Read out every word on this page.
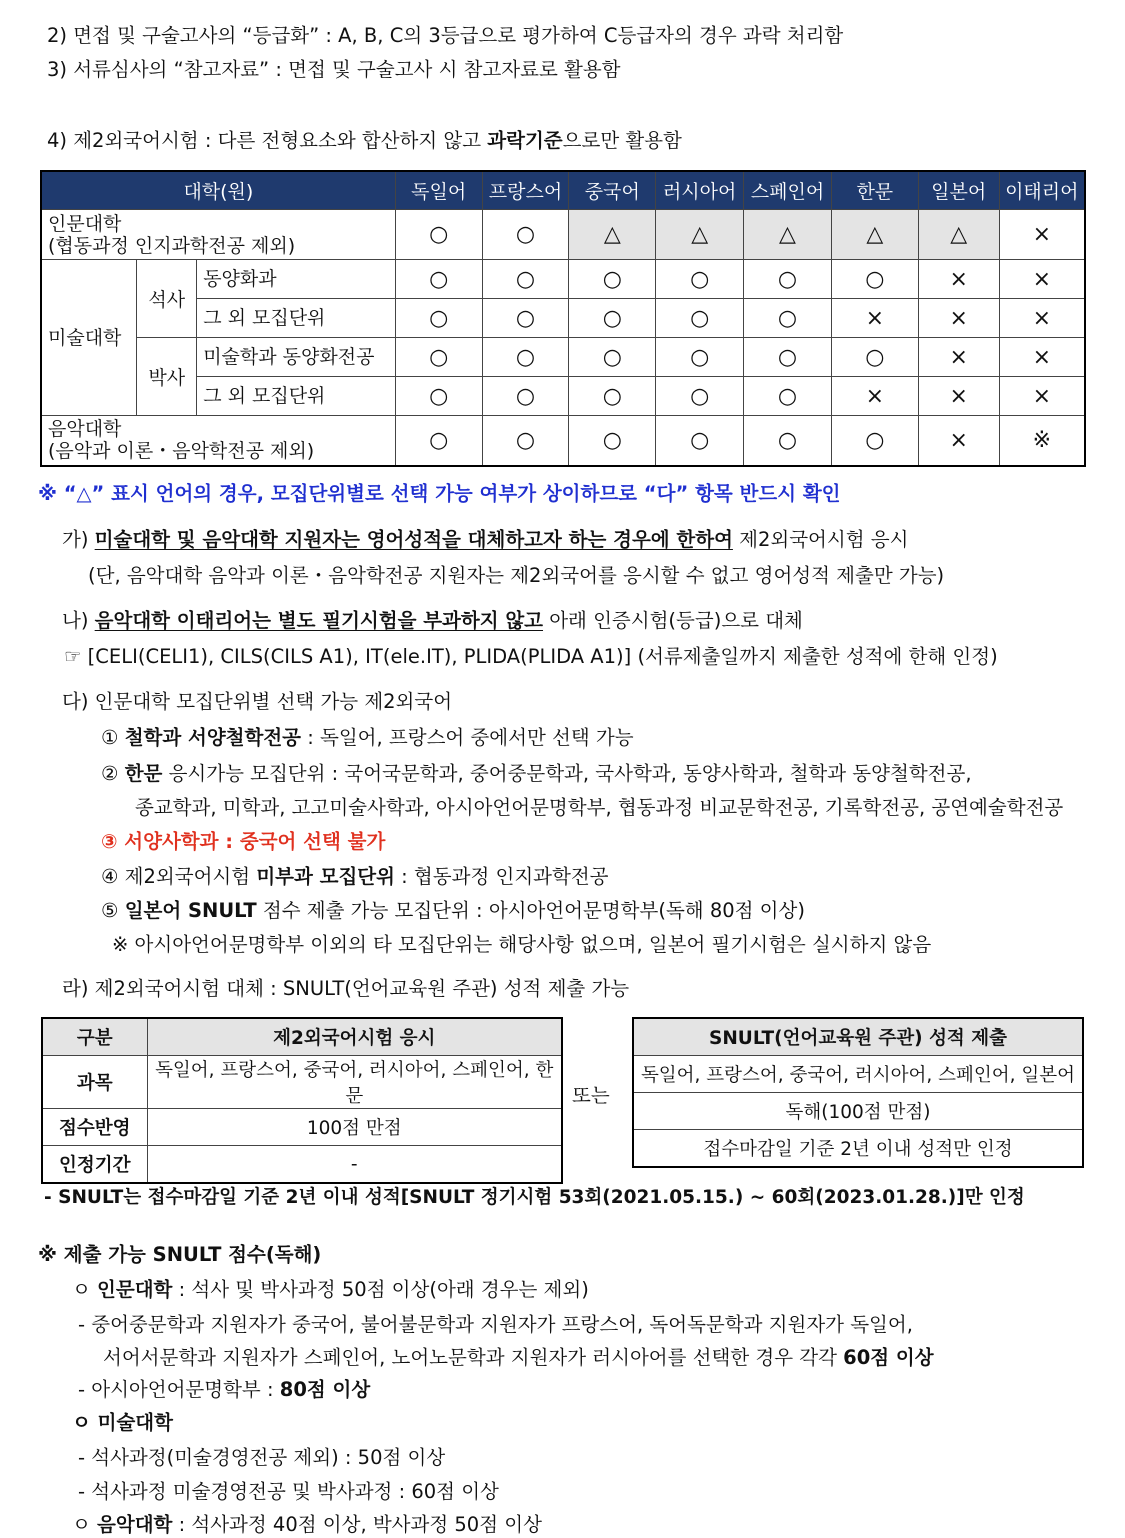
2) 면접 및 구술고사의 “등급화” : A, B, C의 3등급으로 평가하여 C등급자의 경우 과락 처리함
3) 서류심사의 “참고자료” : 면접 및 구술고사 시 참고자료로 활용함
4) 제2외국어시험 : 다른 전형요소와 합산하지 않고 과락기준으로만 활용함
대학(원)			독일어	프랑스어	중국어	러시아어	스페인어	한문	일본어	이태리어
인문대학
(협동과정 인지과학전공 제외)			○	○	△	△	△	△	△	×
미술대학	석사	동양화과	○	○	○	○	○	○	×	×
		그 외 모집단위	○	○	○	○	○	×	×	×
	박사	미술학과 동양화전공	○	○	○	○	○	○	×	×
		그 외 모집단위	○	○	○	○	○	×	×	×
음악대학
(음악과 이론・음악학전공 제외)			○	○	○	○	○	○	×	※
※ “△” 표시 언어의 경우, 모집단위별로 선택 가능 여부가 상이하므로 “다” 항목 반드시 확인
가) 미술대학 및 음악대학 지원자는 영어성적을 대체하고자 하는 경우에 한하여 제2외국어시험 응시
(단, 음악대학 음악과 이론・음악학전공 지원자는 제2외국어를 응시할 수 없고 영어성적 제출만 가능)
나) 음악대학 이태리어는 별도 필기시험을 부과하지 않고 아래 인증시험(등급)으로 대체
☞ [CELI(CELI1), CILS(CILS A1), IT(ele.IT), PLIDA(PLIDA A1)] (서류제출일까지 제출한 성적에 한해 인정)
다) 인문대학 모집단위별 선택 가능 제2외국어
① 철학과 서양철학전공 : 독일어, 프랑스어 중에서만 선택 가능
② 한문 응시가능 모집단위 : 국어국문학과, 중어중문학과, 국사학과, 동양사학과, 철학과 동양철학전공,
종교학과, 미학과, 고고미술사학과, 아시아언어문명학부, 협동과정 비교문학전공, 기록학전공, 공연예술학전공
③ 서양사학과 : 중국어 선택 불가
④ 제2외국어시험 미부과 모집단위 : 협동과정 인지과학전공
⑤ 일본어 SNULT 점수 제출 가능 모집단위 : 아시아언어문명학부(독해 80점 이상)
※ 아시아언어문명학부 이외의 타 모집단위는 해당사항 없으며, 일본어 필기시험은 실시하지 않음
라) 제2외국어시험 대체 : SNULT(언어교육원 주관) 성적 제출 가능
구분	제2외국어시험 응시
과목	독일어, 프랑스어, 중국어, 러시아어, 스페인어, 한문
점수반영	100점 만점
인정기간	-
또는
SNULT(언어교육원 주관) 성적 제출
독일어, 프랑스어, 중국어, 러시아어, 스페인어, 일본어
독해(100점 만점)
접수마감일 기준 2년 이내 성적만 인정
- SNULT는 접수마감일 기준 2년 이내 성적[SNULT 정기시험 53회(2021.05.15.) ~ 60회(2023.01.28.)]만 인정
※ 제출 가능 SNULT 점수(독해)
ㅇ 인문대학 : 석사 및 박사과정 50점 이상(아래 경우는 제외)
- 중어중문학과 지원자가 중국어, 불어불문학과 지원자가 프랑스어, 독어독문학과 지원자가 독일어,
서어서문학과 지원자가 스페인어, 노어노문학과 지원자가 러시아어를 선택한 경우 각각 60점 이상
- 아시아언어문명학부 : 80점 이상
ㅇ 미술대학
- 석사과정(미술경영전공 제외) : 50점 이상
- 석사과정 미술경영전공 및 박사과정 : 60점 이상
ㅇ 음악대학 : 석사과정 40점 이상, 박사과정 50점 이상
